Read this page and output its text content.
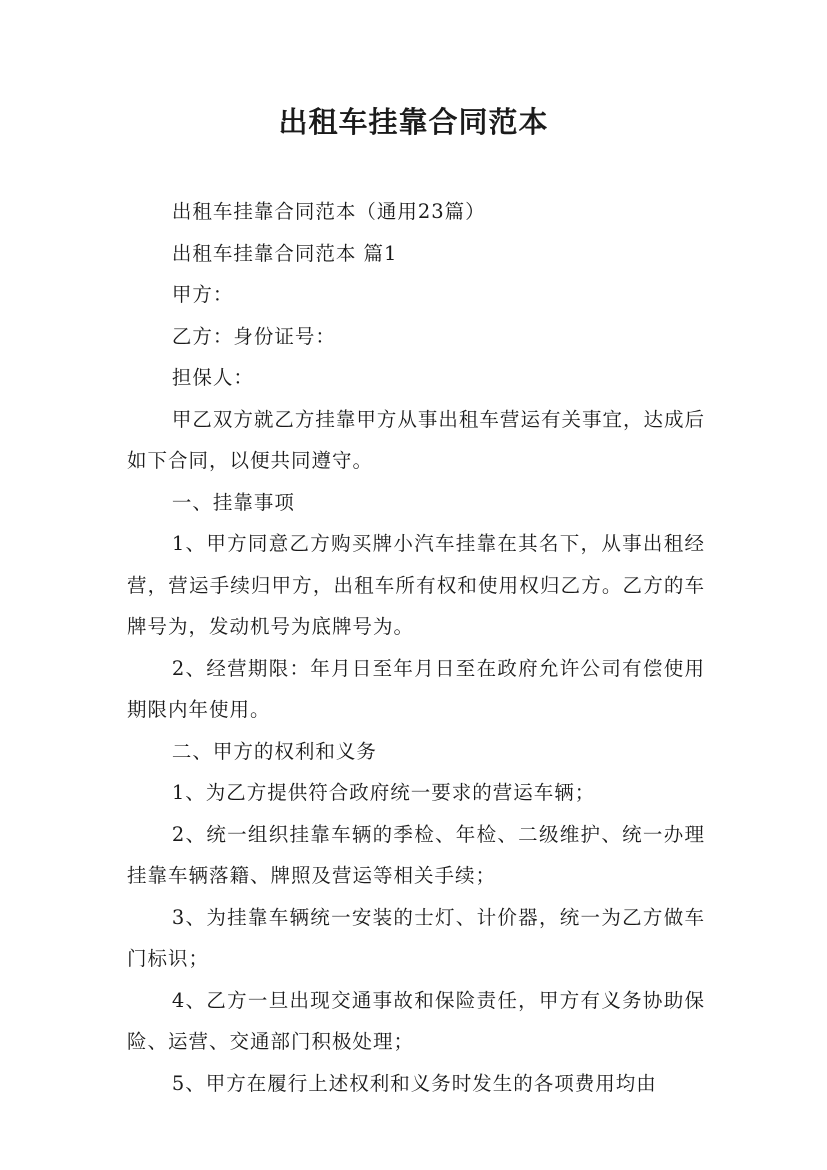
出租车挂靠合同范本

出租车挂靠合同范本（通用23篇）

出租车挂靠合同范本 篇1

甲方：

乙方：身份证号：

担保人：

甲乙双方就乙方挂靠甲方从事出租车营运有关事宜，达成后如下合同，以便共同遵守。

一、挂靠事项

1、甲方同意乙方购买牌小汽车挂靠在其名下，从事出租经营，营运手续归甲方，出租车所有权和使用权归乙方。乙方的车牌号为，发动机号为底牌号为。

2、经营期限：年月日至年月日至在政府允许公司有偿使用期限内年使用。

二、甲方的权利和义务

1、为乙方提供符合政府统一要求的营运车辆；

2、统一组织挂靠车辆的季检、年检、二级维护、统一办理挂靠车辆落籍、牌照及营运等相关手续；

3、为挂靠车辆统一安装的士灯、计价器，统一为乙方做车门标识；

4、乙方一旦出现交通事故和保险责任，甲方有义务协助保险、运营、交通部门积极处理；

5、甲方在履行上述权利和义务时发生的各项费用均由
